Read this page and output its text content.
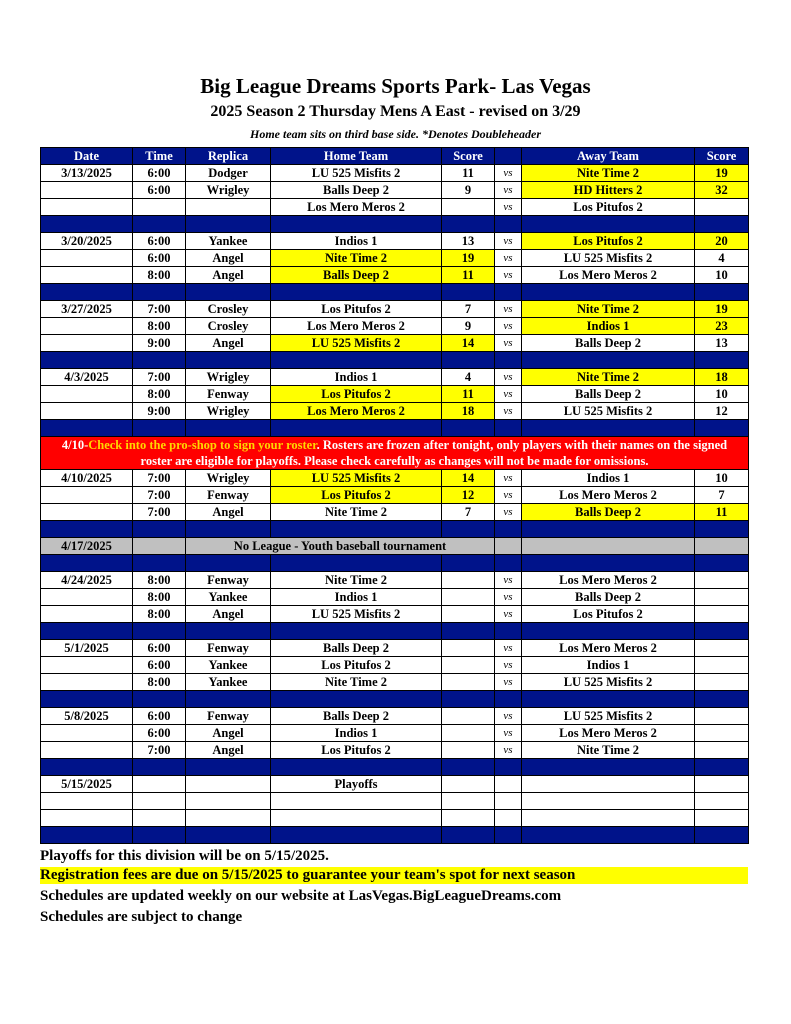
Big League Dreams Sports Park- Las Vegas
2025 Season 2 Thursday Mens A East - revised on 3/29
Home team sits on third base side. *Denotes Doubleheader
Date	Time	Replica	Home Team	Score		Away Team	Score
3/13/2025	6:00	Dodger	LU 525 Misfits 2	11	vs	Nite Time 2	19
	6:00	Wrigley	Balls Deep 2	9	vs	HD Hitters 2	32
			Los Mero Meros 2		vs	Los Pitufos 2	

3/20/2025	6:00	Yankee	Indios 1	13	vs	Los Pitufos 2	20
	6:00	Angel	Nite Time 2	19	vs	LU 525 Misfits 2	4
	8:00	Angel	Balls Deep 2	11	vs	Los Mero Meros 2	10

3/27/2025	7:00	Crosley	Los Pitufos 2	7	vs	Nite Time 2	19
	8:00	Crosley	Los Mero Meros 2	9	vs	Indios 1	23
	9:00	Angel	LU 525 Misfits 2	14	vs	Balls Deep 2	13

4/3/2025	7:00	Wrigley	Indios 1	4	vs	Nite Time 2	18
	8:00	Fenway	Los Pitufos 2	11	vs	Balls Deep 2	10
	9:00	Wrigley	Los Mero Meros 2	18	vs	LU 525 Misfits 2	12

4/10-Check into the pro-shop to sign your roster. Rosters are frozen after tonight, only players with their names on the signed roster are eligible for playoffs. Please check carefully as changes will not be made for omissions.							
4/10/2025	7:00	Wrigley	LU 525 Misfits 2	14	vs	Indios 1	10
	7:00	Fenway	Los Pitufos 2	12	vs	Los Mero Meros 2	7
	7:00	Angel	Nite Time 2	7	vs	Balls Deep 2	11

4/17/2025		No League - Youth baseball tournament					

4/24/2025	8:00	Fenway	Nite Time 2		vs	Los Mero Meros 2	
	8:00	Yankee	Indios 1		vs	Balls Deep 2	
	8:00	Angel	LU 525 Misfits 2		vs	Los Pitufos 2	

5/1/2025	6:00	Fenway	Balls Deep 2		vs	Los Mero Meros 2	
	6:00	Yankee	Los Pitufos 2		vs	Indios 1	
	8:00	Yankee	Nite Time 2		vs	LU 525 Misfits 2	

5/8/2025	6:00	Fenway	Balls Deep 2		vs	LU 525 Misfits 2	
	6:00	Angel	Indios 1		vs	Los Mero Meros 2	
	7:00	Angel	Los Pitufos 2		vs	Nite Time 2	

5/15/2025			Playoffs				

Playoffs for this division will be on 5/15/2025.
Registration fees are due on 5/15/2025 to guarantee your team's spot for next season
Schedules are updated weekly on our website at LasVegas.BigLeagueDreams.com
Schedules are subject to change
